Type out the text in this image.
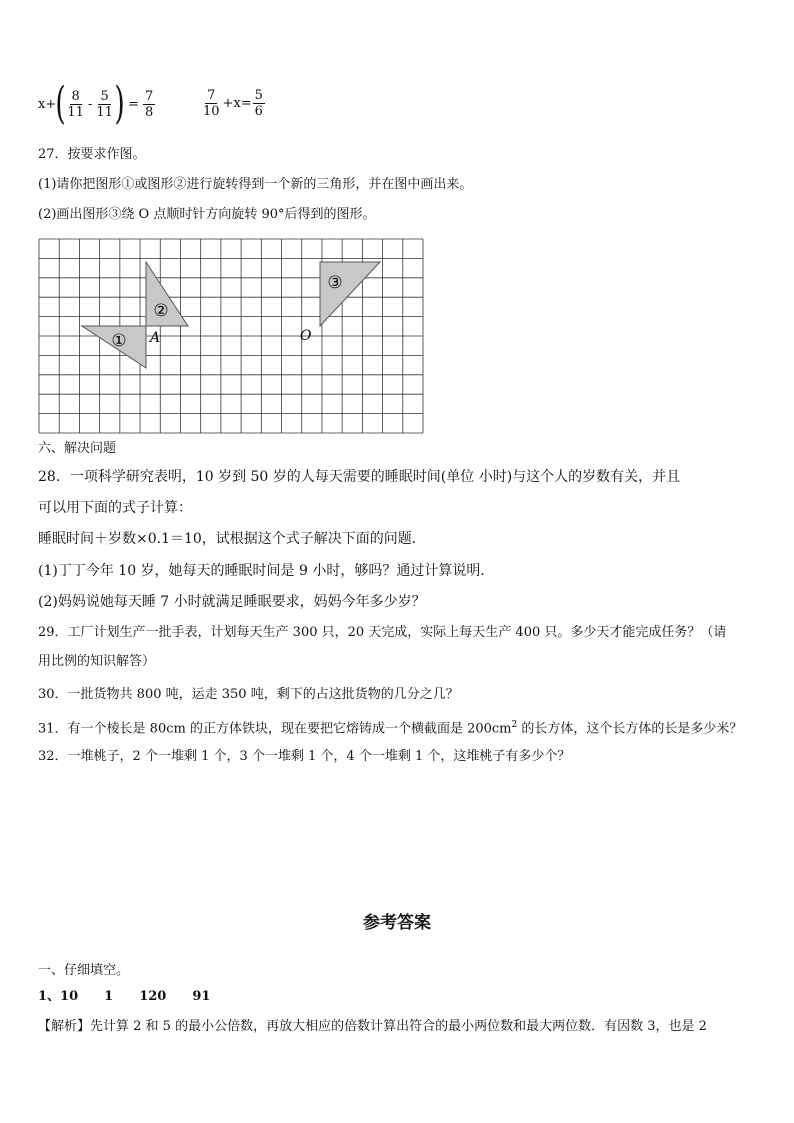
x+ ( $\frac{8}{11} - \frac{5}{11}$ ) = $\frac{7}{8}$	$\frac{7}{10} +x= \frac{5}{6}$
27．按要求作图。
(1)请你把图形①或图形②进行旋转得到一个新的三角形，并在图中画出来。
(2)画出图形③绕 O 点顺时针方向旋转 90°后得到的图形。
①
②
③
A	O
六、解决问题
28．一项科学研究表明，10 岁到 50 岁的人每天需要的睡眠时间(单位 小时)与这个人的岁数有关，并且
可以用下面的式子计算：
睡眠时间＋岁数×0.1＝10，试根据这个式子解决下面的问题．
(1)丁丁今年 10 岁，她每天的睡眠时间是 9 小时，够吗？通过计算说明．
(2)妈妈说她每天睡 7 小时就满足睡眠要求，妈妈今年多少岁？
29．工厂计划生产一批手表，计划每天生产 300 只，20 天完成，实际上每天生产 400 只。多少天才能完成任务？（请
用比例的知识解答）
30．一批货物共 800 吨，运走 350 吨，剩下的占这批货物的几分之几？
31．有一个棱长是 80cm 的正方体铁块，现在要把它熔铸成一个横截面是 $200cm^2$ 的长方体，这个长方体的长是多少米？
32．一堆桃子，2 个一堆剩 1 个，3 个一堆剩 1 个，4 个一堆剩 1 个，这堆桃子有多少个？
参考答案
一、仔细填空。
1、10 1 120 91
【解析】先计算 2 和 5 的最小公倍数，再放大相应的倍数计算出符合的最小两位数和最大两位数．有因数 3，也是 2
